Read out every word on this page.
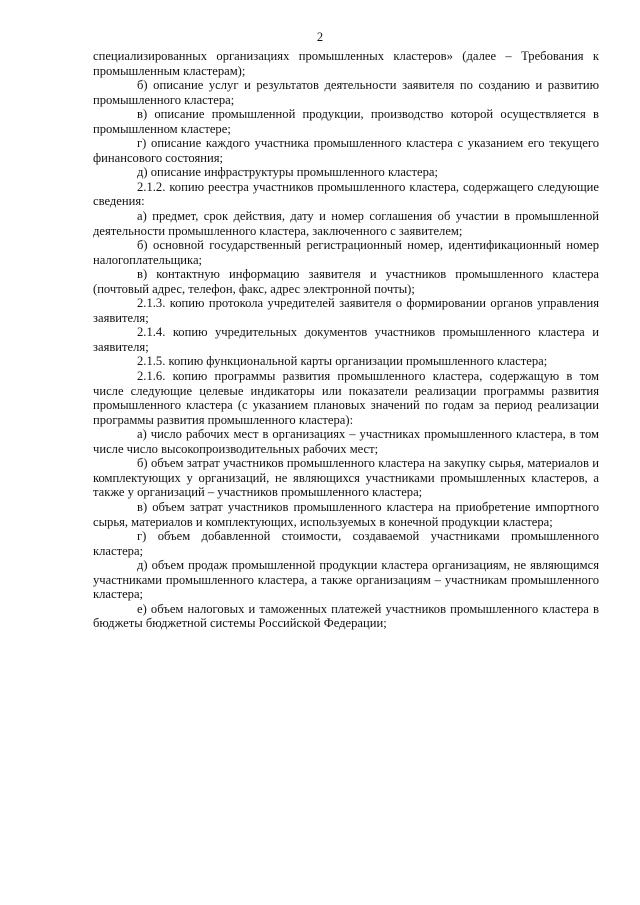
2

специализированных организациях промышленных кластеров» (далее – Требования к промышленным кластерам);

б) описание услуг и результатов деятельности заявителя по созданию и развитию промышленного кластера;

в) описание промышленной продукции, производство которой осуществляется в промышленном кластере;

г) описание каждого участника промышленного кластера с указанием его текущего финансового состояния;

д) описание инфраструктуры промышленного кластера;

2.1.2. копию реестра участников промышленного кластера, содержащего следующие сведения:

а) предмет, срок действия, дату и номер соглашения об участии в промышленной деятельности промышленного кластера, заключенного с заявителем;

б) основной государственный регистрационный номер, идентификационный номер налогоплательщика;

в) контактную информацию заявителя и участников промышленного кластера (почтовый адрес, телефон, факс, адрес электронной почты);

2.1.3. копию протокола учредителей заявителя о формировании органов управления заявителя;

2.1.4. копию учредительных документов участников промышленного кластера и заявителя;

2.1.5. копию функциональной карты организации промышленного кластера;

2.1.6. копию программы развития промышленного кластера, содержащую в том числе следующие целевые индикаторы или показатели реализации программы развития промышленного кластера (с указанием плановых значений по годам за период реализации программы развития промышленного кластера):

а) число рабочих мест в организациях – участниках промышленного кластера, в том числе число высокопроизводительных рабочих мест;

б) объем затрат участников промышленного кластера на закупку сырья, материалов и комплектующих у организаций, не являющихся участниками промышленных кластеров, а также у организаций – участников промышленного кластера;

в) объем затрат участников промышленного кластера на приобретение импортного сырья, материалов и комплектующих, используемых в конечной продукции кластера;

г) объем добавленной стоимости, создаваемой участниками промышленного кластера;

д) объем продаж промышленной продукции кластера организациям, не являющимся участниками промышленного кластера, а также организациям – участникам промышленного кластера;

е) объем налоговых и таможенных платежей участников промышленного кластера в бюджеты бюджетной системы Российской Федерации;
